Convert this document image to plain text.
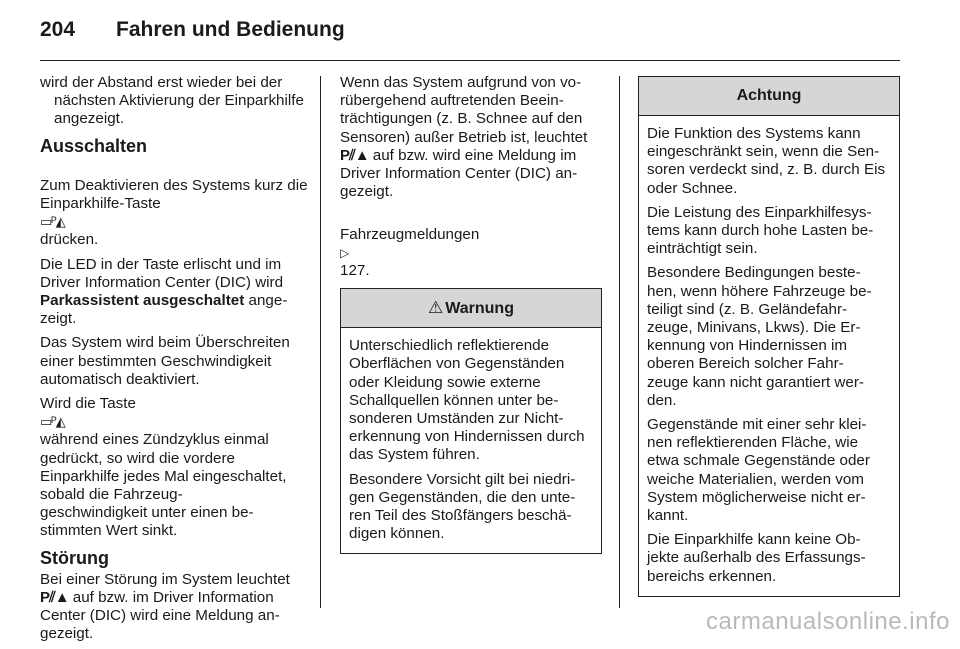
204 Fahren und Bedienung

wird der Abstand erst wieder bei der nächsten Aktivierung der Einparkhilfe angezeigt.

Ausschalten

Zum Deaktivieren des Systems kurz die Einparkhilfe-Taste
▭ᴾ◭
drücken.

Die LED in der Taste erlischt und im Driver Information Center (DIC) wird
Parkassistent ausgeschaltet ange-
zeigt.

Das System wird beim Überschreiten einer bestimmten Geschwindigkeit automatisch deaktiviert.

Wird die Taste
▭ᴾ◭
während eines Zündzyklus einmal gedrückt, so wird die vordere Einparkhilfe jedes Mal eingeschaltet, sobald die Fahrzeug-
geschwindigkeit unter einen be-
stimmten Wert sinkt.

Störung

Bei einer Störung im System leuchtet
P⫽▲ auf bzw. im Driver Information Center (DIC) wird eine Meldung an-
gezeigt.

Wenn das System aufgrund von vo-
rübergehend auftretenden Beein-
trächtigungen (z. B. Schnee auf den Sensoren) außer Betrieb ist, leuchtet
P⫽▲ auf bzw. wird eine Meldung im Driver Information Center (DIC) an-
gezeigt.

Fahrzeugmeldungen
▷
127.

⚠ Warnung

Unterschiedlich reflektierende Oberflächen von Gegenständen oder Kleidung sowie externe Schallquellen können unter be-
sonderen Umständen zur Nicht-
erkennung von Hindernissen durch das System führen.

Besondere Vorsicht gilt bei niedri-
gen Gegenständen, die den unte-
ren Teil des Stoßfängers beschä-
digen können.

Achtung

Die Funktion des Systems kann eingeschränkt sein, wenn die Sen-
soren verdeckt sind, z. B. durch Eis oder Schnee.

Die Leistung des Einparkhilfesys-
tems kann durch hohe Lasten be-
einträchtigt sein.

Besondere Bedingungen beste-
hen, wenn höhere Fahrzeuge be-
teiligt sind (z. B. Geländefahr-
zeuge, Minivans, Lkws). Die Er-
kennung von Hindernissen im oberen Bereich solcher Fahr-
zeuge kann nicht garantiert wer-
den.

Gegenstände mit einer sehr klei-
nen reflektierenden Fläche, wie etwa schmale Gegenstände oder weiche Materialien, werden vom System möglicherweise nicht er-
kannt.

Die Einparkhilfe kann keine Ob-
jekte außerhalb des Erfassungs-
bereichs erkennen.

carmanualsonline.info
